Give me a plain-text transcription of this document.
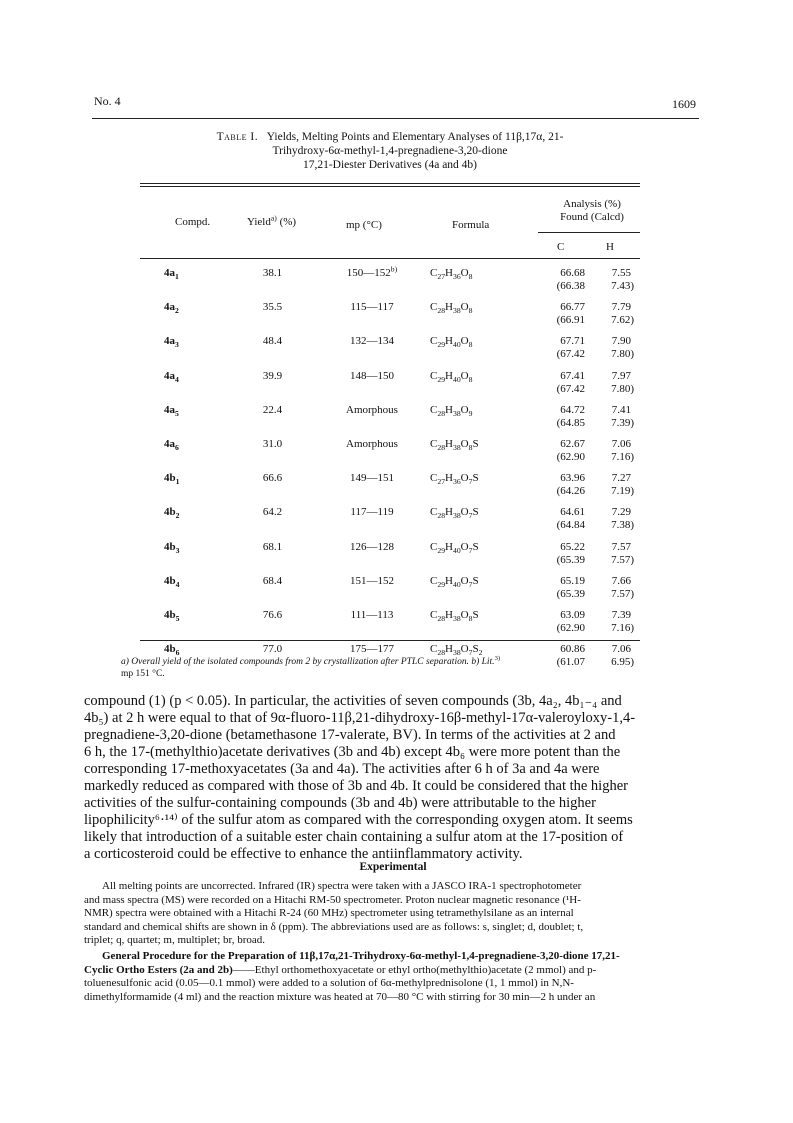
No. 4	1609
Table I. Yields, Melting Points and Elementary Analyses of 11β,17α, 21-
Trihydroxy-6α-methyl-1,4-pregnadiene-3,20-dione
17,21-Diester Derivatives (4a and 4b)
Compd.	Yield$^{a)}$ (%)	mp (°C)	Formula
Analysis (%)
Found (Calcd)
C	H
$4a_1$	38.1	150—152$^{b)}$	$C_{27}H_{36}O_8$	66.68	7.55
(66.38	7.43)
$4a_2$	35.5	115—117	$C_{28}H_{38}O_8$	66.77	7.79
(66.91	7.62)
$4a_3$	48.4	132—134	$C_{29}H_{40}O_8$	67.71	7.90
(67.42	7.80)
$4a_4$	39.9	148—150	$C_{29}H_{40}O_8$	67.41	7.97
(67.42	7.80)
$4a_5$	22.4	Amorphous	$C_{28}H_{38}O_9$	64.72	7.41
(64.85	7.39)
$4a_6$	31.0	Amorphous	$C_{28}H_{38}O_8S$	62.67	7.06
(62.90	7.16)
$4b_1$	66.6	149—151	$C_{27}H_{36}O_7S$	63.96	7.27
(64.26	7.19)
$4b_2$	64.2	117—119	$C_{28}H_{38}O_7S$	64.61	7.29
(64.84	7.38)
$4b_3$	68.1	126—128	$C_{29}H_{40}O_7S$	65.22	7.57
(65.39	7.57)
$4b_4$	68.4	151—152	$C_{29}H_{40}O_7S$	65.19	7.66
(65.39	7.57)
$4b_5$	76.6	111—113	$C_{28}H_{38}O_8S$	63.09	7.39
(62.90	7.16)
$4b_6$	77.0	175—177	$C_{28}H_{38}O_7S_2$	60.86	7.06
(61.07	6.95)
a) Overall yield of the isolated compounds from 2 by crystallization after PTLC separation. b) Lit.$^{3)}$
mp 151 °C.
compound (1) (p < 0.05). In particular, the activities of seven compounds (3b, 4a₂, 4b₁₋₄ and
4b₅) at 2 h were equal to that of 9α-fluoro-11β,21-dihydroxy-16β-methyl-17α-valeroyloxy-1,4-
pregnadiene-3,20-dione (betamethasone 17-valerate, BV). In terms of the activities at 2 and
6 h, the 17-(methylthio)acetate derivatives (3b and 4b) except 4b₆ were more potent than the
corresponding 17-methoxyacetates (3a and 4a). The activities after 6 h of 3a and 4a were
markedly reduced as compared with those of 3b and 4b. It could be considered that the higher
activities of the sulfur-containing compounds (3b and 4b) were attributable to the higher
lipophilicity⁶·¹⁴⁾ of the sulfur atom as compared with the corresponding oxygen atom. It seems
likely that introduction of a suitable ester chain containing a sulfur atom at the 17-position of
a corticosteroid could be effective to enhance the antiinflammatory activity.
Experimental
All melting points are uncorrected. Infrared (IR) spectra were taken with a JASCO IRA-1 spectrophotometer
and mass spectra (MS) were recorded on a Hitachi RM-50 spectrometer. Proton nuclear magnetic resonance (¹H-
NMR) spectra were obtained with a Hitachi R-24 (60 MHz) spectrometer using tetramethylsilane as an internal
standard and chemical shifts are shown in δ (ppm). The abbreviations used are as follows: s, singlet; d, doublet; t,
triplet; q, quartet; m, multiplet; br, broad.
General Procedure for the Preparation of 11β,17α,21-Trihydroxy-6α-methyl-1,4-pregnadiene-3,20-dione 17,21-
Cyclic Ortho Esters (2a and 2b)——Ethyl orthomethoxyacetate or ethyl ortho(methylthio)acetate (2 mmol) and p-
toluenesulfonic acid (0.05—0.1 mmol) were added to a solution of 6α-methylprednisolone (1, 1 mmol) in N,N-
dimethylformamide (4 ml) and the reaction mixture was heated at 70—80 °C with stirring for 30 min—2 h under an
